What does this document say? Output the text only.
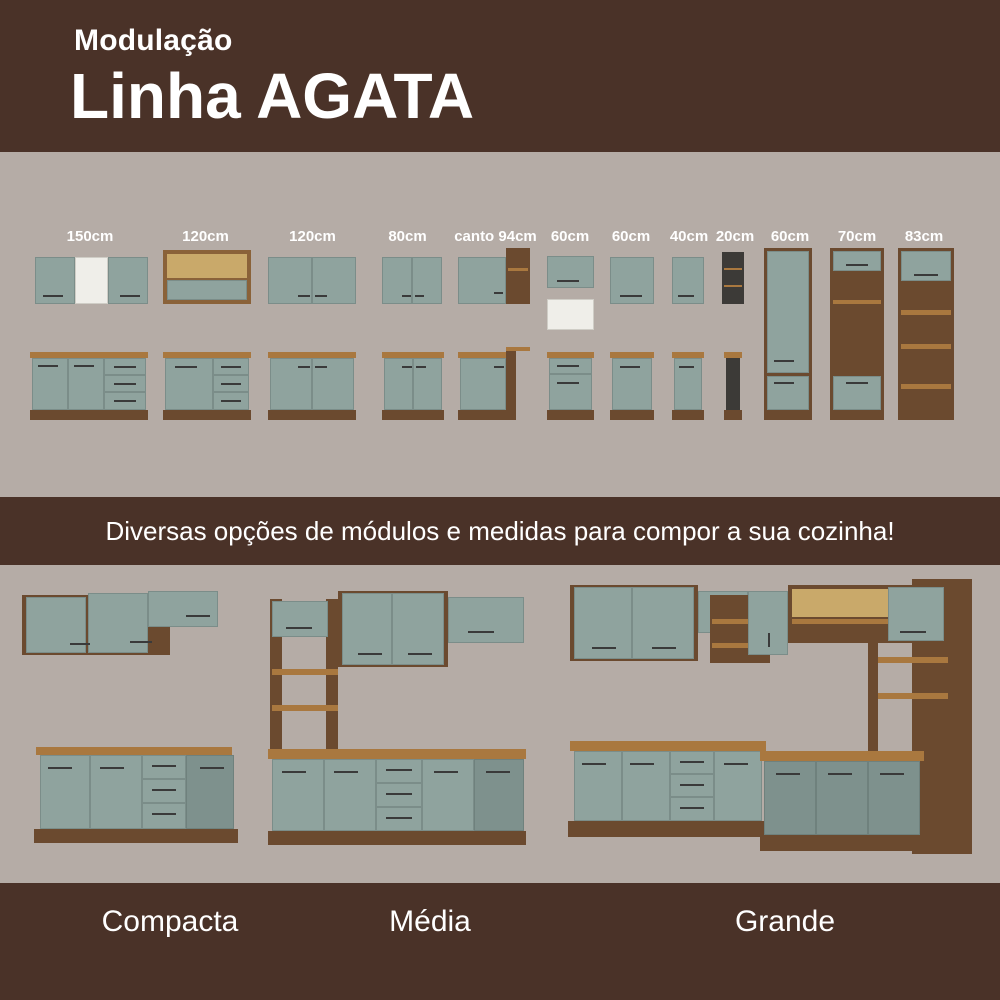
Modulação
Linha AGATA
150cm	120cm	120cm	80cm	canto 94cm 60cm	60cm	40cm 20cm	60cm	70cm	83cm
Diversas opções de módulos e medidas para compor a sua cozinha!
Compacta	Média	Grande
